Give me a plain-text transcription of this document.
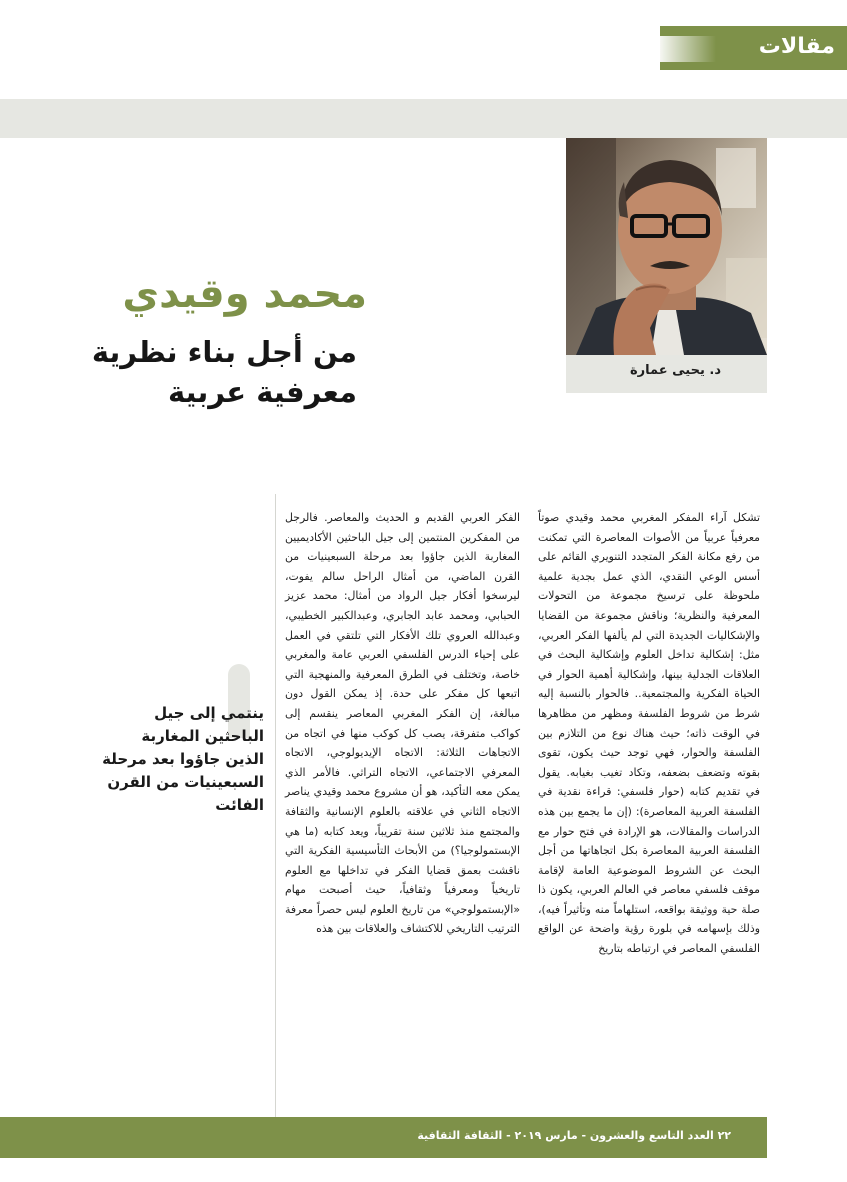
مقالات
د. يحيى عمارة
محمد وقيدي
من أجل بناء نظرية
معرفية عربية
ينتمي إلى جيل الباحثين المغاربة الذين جاؤوا بعد مرحلة السبعينيات من القرن الفائت
تشكل آراء المفكر المغربي محمد وقيدي صوتاً معرفياً عربياً من الأصوات المعاصرة التي تمكنت من رفع مكانة الفكر المتجدد التنويري القائم على أسس الوعي النقدي، الذي عمل بجدية علمية ملحوظة على ترسيخ مجموعة من التحولات المعرفية والنظرية؛ وناقش مجموعة من القضايا والإشكاليات الجديدة التي لم يألفها الفكر العربي، مثل: إشكالية تداخل العلوم وإشكالية البحث في العلاقات الجدلية بينها، وإشكالية أهمية الحوار في الحياة الفكرية والمجتمعية.. فالحوار بالنسبة إليه شرط من شروط الفلسفة ومظهر من مظاهرها في الوقت ذاته؛ حيث هناك نوع من التلازم بين الفلسفة والحوار، فهي توجد حيث يكون، تقوى بقوته وتضعف بضعفه، وتكاد تغيب بغيابه. يقول في تقديم كتابه (حوار فلسفي: قراءة نقدية في الفلسفة العربية المعاصرة): (إن ما يجمع بين هذه الدراسات والمقالات، هو الإرادة في فتح حوار مع الفلسفة العربية المعاصرة بكل اتجاهاتها من أجل البحث عن الشروط الموضوعية العامة لإقامة موقف فلسفي معاصر في العالم العربي، يكون ذا صلة حية ووثيقة بواقعه، استلهاماً منه وتأثيراً فيه)، وذلك بإسهامه في بلورة رؤية واضحة عن الواقع الفلسفي المعاصر في ارتباطه بتاريخ
الفكر العربي القديم و الحديث والمعاصر. فالرجل من المفكرين المنتمين إلى جيل الباحثين الأكاديميين المغاربة الذين جاؤوا بعد مرحلة السبعينيات من القرن الماضي، من أمثال الراحل سالم يفوت، ليرسخوا أفكار جيل الرواد من أمثال: محمد عزيز الحبابي، ومحمد عابد الجابري، وعبدالكبير الخطيبي، وعبدالله العروي تلك الأفكار التي تلتقي في العمل على إحياء الدرس الفلسفي العربي عامة والمغربي خاصة، وتختلف في الطرق المعرفية والمنهجية التي اتبعها كل مفكر على حدة. إذ يمكن القول دون مبالغة، إن الفكر المغربي المعاصر ينقسم إلى كواكب متفرقة، يصب كل كوكب منها في اتجاه من الاتجاهات الثلاثة: الاتجاه الإيديولوجي، الاتجاه المعرفي الاجتماعي، الاتجاه التراثي. فالأمر الذي يمكن معه التأكيد، هو أن مشروع محمد وقيدي يناصر الاتجاه الثاني في علاقته بالعلوم الإنسانية والثقافة والمجتمع منذ ثلاثين سنة تقريباً، ويعد كتابه (ما هي الإبستمولوجيا؟) من الأبحاث التأسيسية الفكرية التي ناقشت بعمق قضايا الفكر في تداخلها مع العلوم تاريخياً ومعرفياً وثقافياً، حيث أصبحت مهام «الإبستمولوجي» من تاريخ العلوم ليس حصراً معرفة الترتيب التاريخي للاكتشاف والعلاقات بين هذه
٢٢ العدد التاسع والعشرون - مارس ٢٠١٩ - الثقافة الثقافية
